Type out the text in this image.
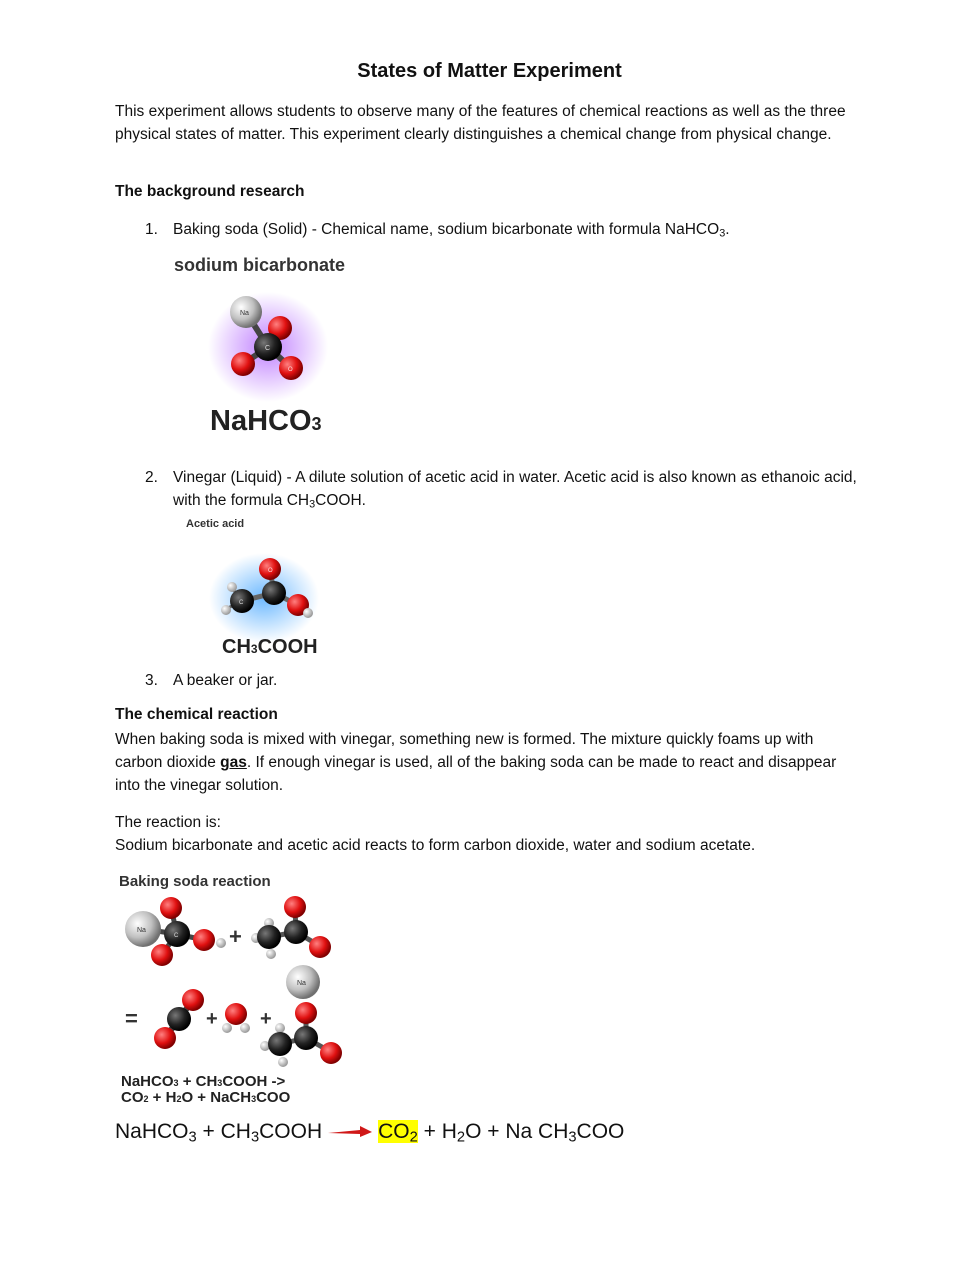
States of Matter Experiment
This experiment allows students to observe many of the features of chemical reactions as well as the three physical states of matter. This experiment clearly distinguishes a chemical change from physical change.
The background research
1. Baking soda (Solid) - Chemical name, sodium bicarbonate with formula NaHCO$_3$.
sodium bicarbonate
Na
C
O
NaHCO3
2. Vinegar (Liquid) - A dilute solution of acetic acid in water. Acetic acid is also known as ethanoic acid, with the formula $CH_3COOH$.
Acetic acid
C
O
CH3COOH
3. A beaker or jar.
The chemical reaction
When baking soda is mixed with vinegar, something new is formed. The mixture quickly foams up with carbon dioxide gas. If enough vinegar is used, all of the baking soda can be made to react and disappear into the vinegar solution.
The reaction is:
Sodium bicarbonate and acetic acid reacts to form carbon dioxide, water and sodium acetate.
Baking soda reaction
Na
C +
=	+ +
Na
NaHCO3 + CH3COOH ->
CO2 + H2O + NaCH3COO
NaHCO$_3$ + $CH_3COOH$	$CO_2 + H_2O + Na$ $CH_3COO$
